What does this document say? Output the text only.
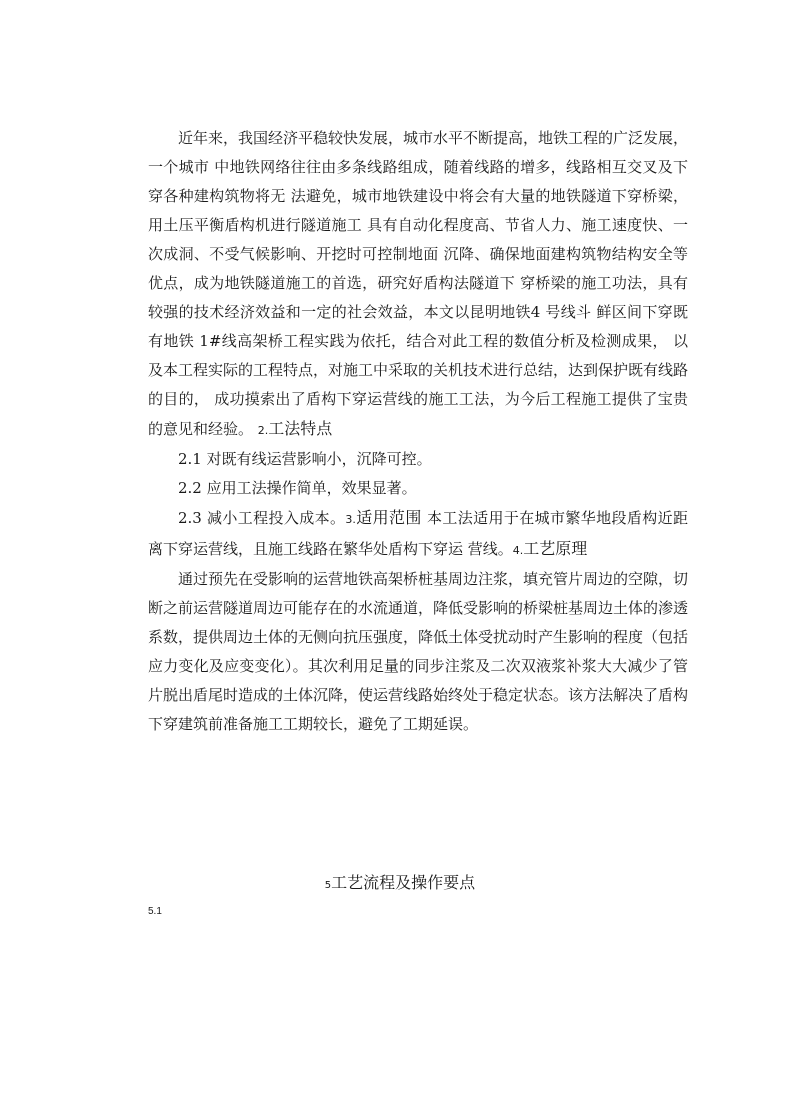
近年来，我国经济平稳较快发展，城市水平不断提高，地铁工程的广泛发展，一个城市 中地铁网络往往由多条线路组成，随着线路的增多，线路相互交叉及下穿各种建构筑物将无 法避免，城市地铁建设中将会有大量的地铁隧道下穿桥梁，用土压平衡盾构机进行隧道施工 具有自动化程度高、节省人力、施工速度快、一次成洞、不受气候影响、开挖时可控制地面 沉降、确保地面建构筑物结构安全等优点，成为地铁隧道施工的首选，研究好盾构法隧道下 穿桥梁的施工功法，具有较强的技术经济效益和一定的社会效益，本文以昆明地铁4 号线斗 鲜区间下穿既有地铁 1#线高架桥工程实践为依托，结合对此工程的数值分析及检测成果， 以及本工程实际的工程特点，对施工中采取的关机技术进行总结，达到保护既有线路的目的， 成功摸索出了盾构下穿运营线的施工工法，为今后工程施工提供了宝贵的意见和经验。 2.工法特点

2.1 对既有线运营影响小，沉降可控。

2.2 应用工法操作简单，效果显著。

2.3 减小工程投入成本。3.适用范围 本工法适用于在城市繁华地段盾构近距离下穿运营线，且施工线路在繁华处盾构下穿运 营线。4.工艺原理

通过预先在受影响的运营地铁高架桥桩基周边注浆，填充管片周边的空隙，切断之前运营隧道周边可能存在的水流通道，降低受影响的桥梁桩基周边土体的渗透系数，提供周边土体的无侧向抗压强度，降低土体受扰动时产生影响的程度（包括应力变化及应变变化）。其次利用足量的同步注浆及二次双液浆补浆大大减少了管片脱出盾尾时造成的土体沉降，使运营线路始终处于稳定状态。该方法解决了盾构下穿建筑前准备施工工期较长，避免了工期延误。

5工艺流程及操作要点
5.1
